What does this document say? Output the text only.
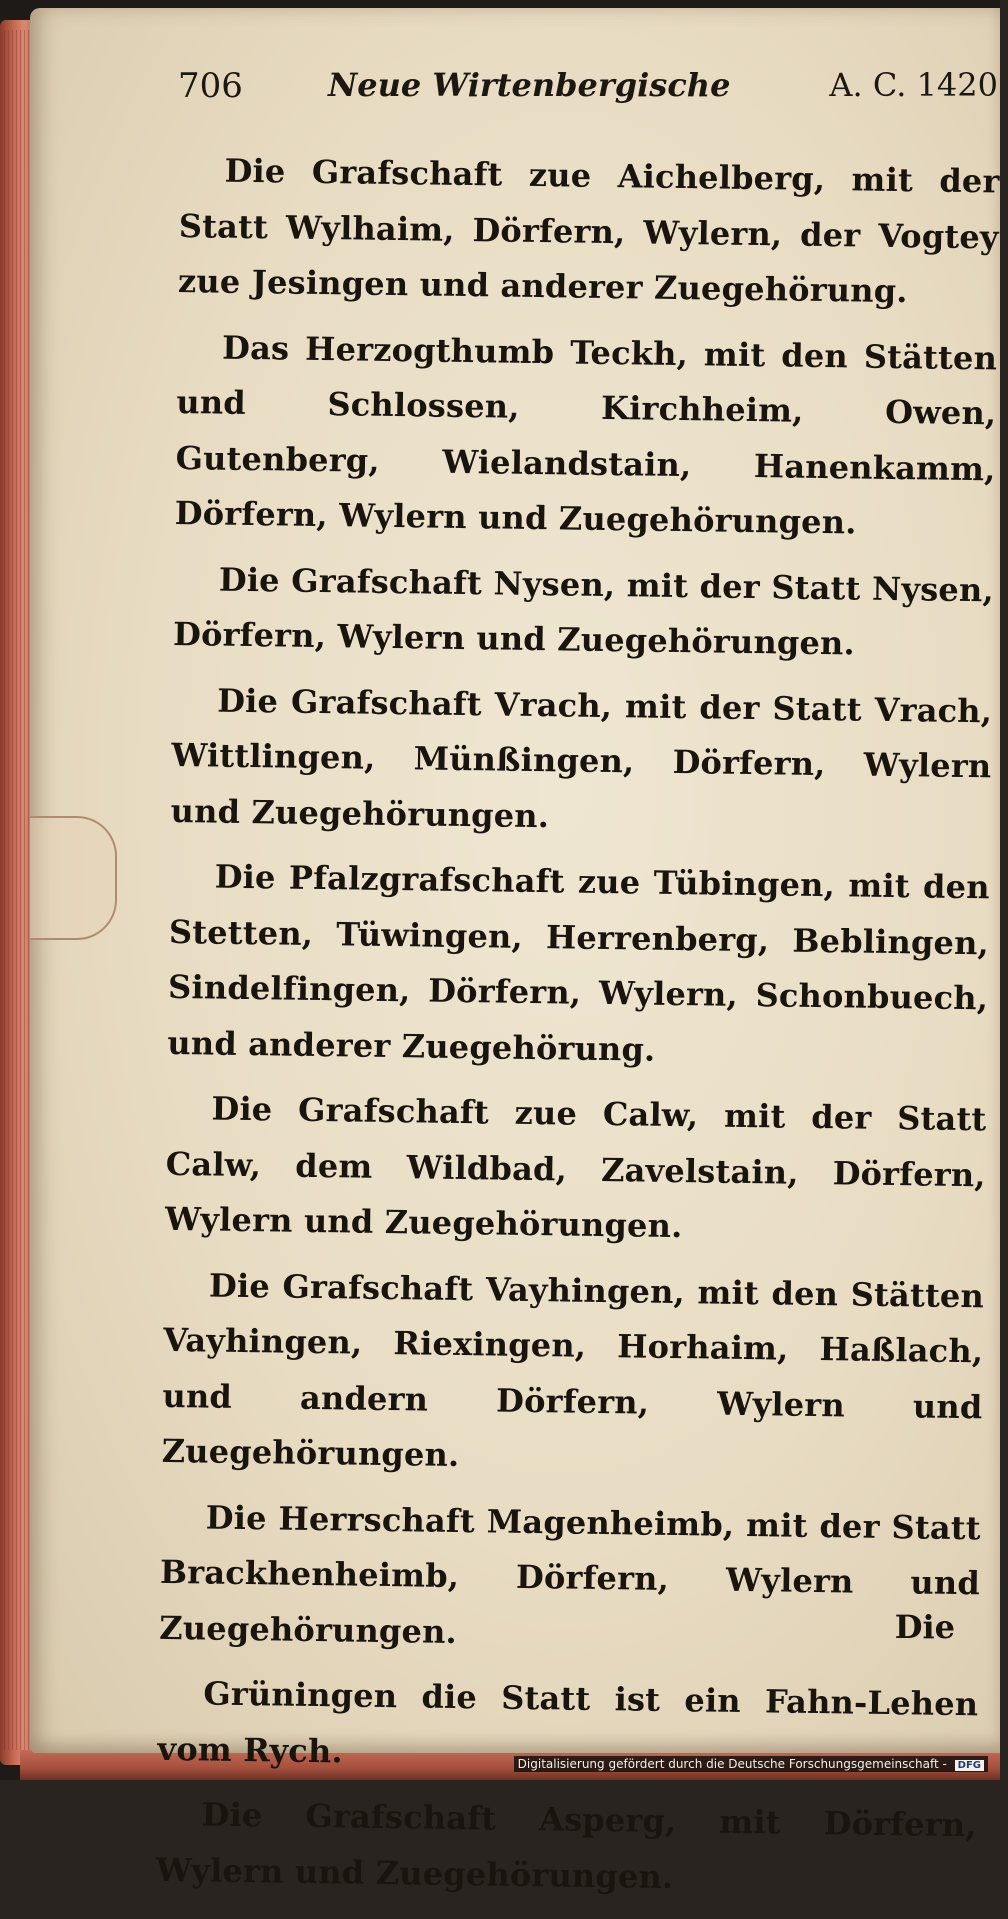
706	Neue Wirtenbergische	A. C. 1420

Die Grafschaft zue Aichelberg, mit der Statt Wylhaim, Dörfern, Wylern, der Vogtey zue Jesingen und anderer Zuegehörung.

Das Herzogthumb Teckh, mit den Stätten und Schlossen, Kirchheim, Owen, Gutenberg, Wielandstain, Hanenkamm, Dörfern, Wylern und Zuegehörungen.

Die Grafschaft Nysen, mit der Statt Nysen, Dörfern, Wylern und Zuegehörungen.

Die Grafschaft Vrach, mit der Statt Vrach, Wittlingen, Münßingen, Dörfern, Wylern und Zuegehörungen.

Die Pfalzgrafschaft zue Tübingen, mit den Stetten, Tüwingen, Herrenberg, Beblingen, Sindelfingen, Dörfern, Wylern, Schonbuech, und anderer Zuegehörung.

Die Grafschaft zue Calw, mit der Statt Calw, dem Wildbad, Zavelstain, Dörfern, Wylern und Zuegehörungen.

Die Grafschaft Vayhingen, mit den Stätten Vayhingen, Riexingen, Horhaim, Haßlach, und andern Dörfern, Wylern und Zuegehörungen.

Die Herrschaft Magenheimb, mit der Statt Brackhenheimb, Dörfern, Wylern und Zuegehörungen.

Grüningen die Statt ist ein Fahn-Lehen vom Rych.

Die Grafschaft Asperg, mit Dörfern, Wylern und Zuegehörungen.

Die
Digitalisierung gefördert durch die Deutsche Forschungsgemeinschaft - DFG
